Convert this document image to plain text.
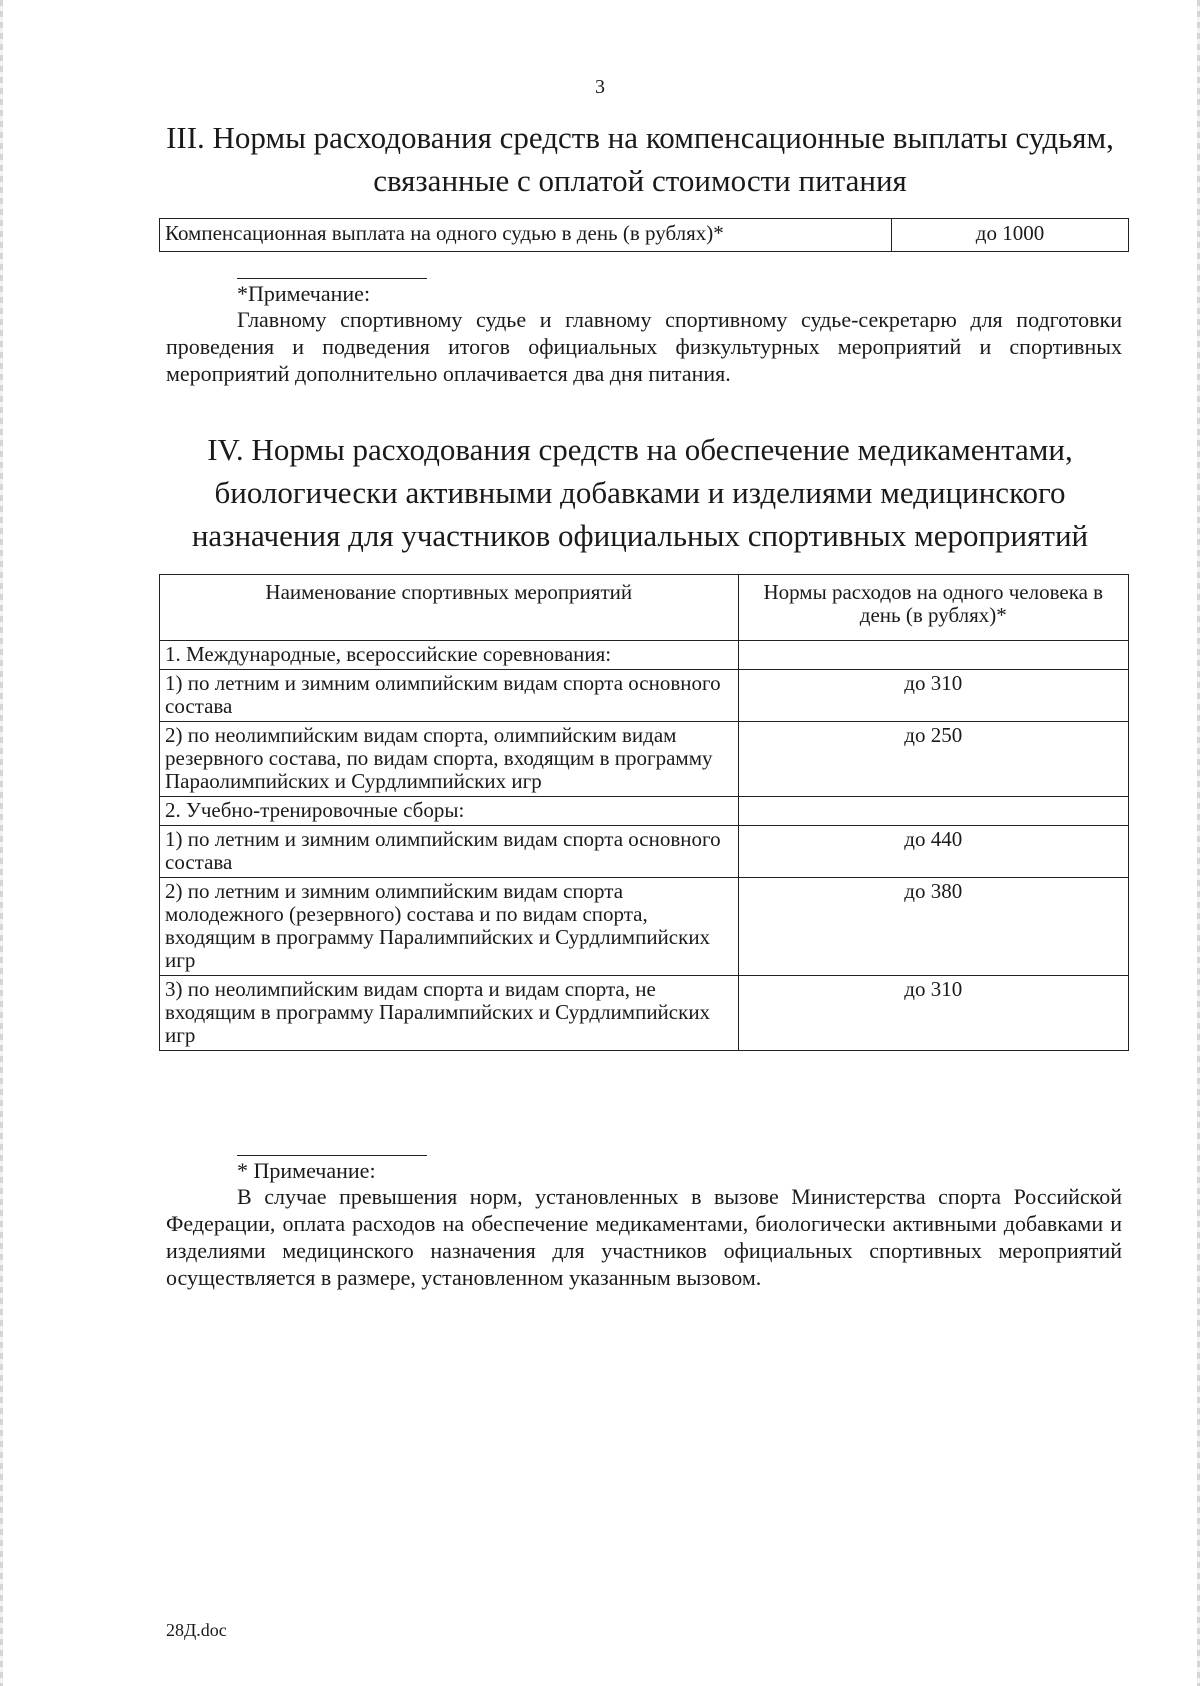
3
III. Нормы расходования средств на компенсационные выплаты судьям,
связанные с оплатой стоимости питания
Компенсационная выплата на одного судью в день (в рублях)*	до 1000
*Примечание:
Главному спортивному судье и главному спортивному судье-секретарю для подготовки проведения и подведения итогов официальных физкультурных мероприятий и спортивных мероприятий дополнительно оплачивается два дня питания.
IV. Нормы расходования средств на обеспечение медикаментами,
биологически активными добавками и изделиями медицинского
назначения для участников официальных спортивных мероприятий
Наименование спортивных мероприятий	Нормы расходов на одного человека в день (в рублях)*
1. Международные, всероссийские соревнования:	
1) по летним и зимним олимпийским видам спорта основного состава	до 310
2) по неолимпийским видам спорта, олимпийским видам резервного состава, по видам спорта, входящим в программу Параолимпийских и Сурдлимпийских игр	до 250
2. Учебно-тренировочные сборы:	
1) по летним и зимним олимпийским видам спорта основного состава	до 440
2) по летним и зимним олимпийским видам спорта молодежного (резервного) состава и по видам спорта, входящим в программу Паралимпийских и Сурдлимпийских игр	до 380
3) по неолимпийским видам спорта и видам спорта, не входящим в программу Паралимпийских и Сурдлимпийских игр	до 310
* Примечание:
В случае превышения норм, установленных в вызове Министерства спорта Российской Федерации, оплата расходов на обеспечение медикаментами, биологически активными добавками и изделиями медицинского назначения для участников официальных спортивных мероприятий осуществляется в размере, установленном указанным вызовом.
28Д.doc
